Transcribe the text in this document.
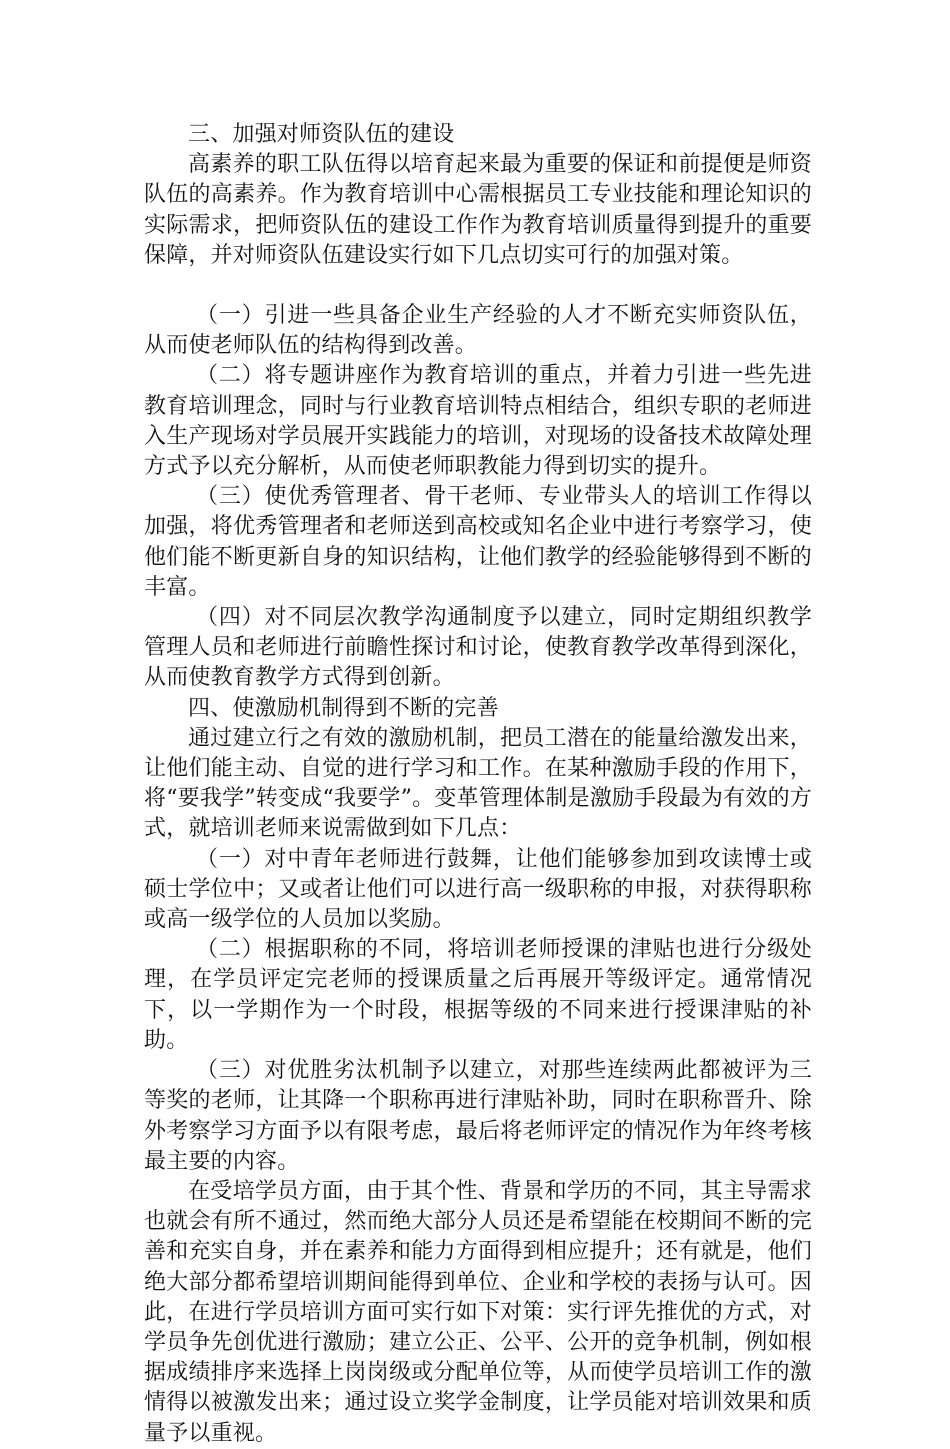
三、加强对师资队伍的建设

高素养的职工队伍得以培育起来最为重要的保证和前提便是师资队伍的高素养。作为教育培训中心需根据员工专业技能和理论知识的实际需求，把师资队伍的建设工作作为教育培训质量得到提升的重要保障，并对师资队伍建设实行如下几点切实可行的加强对策。

（一）引进一些具备企业生产经验的人才不断充实师资队伍，从而使老师队伍的结构得到改善。

（二）将专题讲座作为教育培训的重点，并着力引进一些先进教育培训理念，同时与行业教育培训特点相结合，组织专职的老师进入生产现场对学员展开实践能力的培训，对现场的设备技术故障处理方式予以充分解析，从而使老师职教能力得到切实的提升。

（三）使优秀管理者、骨干老师、专业带头人的培训工作得以加强，将优秀管理者和老师送到高校或知名企业中进行考察学习，使他们能不断更新自身的知识结构，让他们教学的经验能够得到不断的丰富。

（四）对不同层次教学沟通制度予以建立，同时定期组织教学管理人员和老师进行前瞻性探讨和讨论，使教育教学改革得到深化，从而使教育教学方式得到创新。

四、使激励机制得到不断的完善

通过建立行之有效的激励机制，把员工潜在的能量给激发出来，让他们能主动、自觉的进行学习和工作。在某种激励手段的作用下，将“要我学”转变成“我要学”。变革管理体制是激励手段最为有效的方式，就培训老师来说需做到如下几点：

（一）对中青年老师进行鼓舞，让他们能够参加到攻读博士或硕士学位中；又或者让他们可以进行高一级职称的申报，对获得职称或高一级学位的人员加以奖励。

（二）根据职称的不同，将培训老师授课的津贴也进行分级处理，在学员评定完老师的授课质量之后再展开等级评定。通常情况下，以一学期作为一个时段，根据等级的不同来进行授课津贴的补助。

（三）对优胜劣汰机制予以建立，对那些连续两此都被评为三等奖的老师，让其降一个职称再进行津贴补助，同时在职称晋升、除外考察学习方面予以有限考虑，最后将老师评定的情况作为年终考核最主要的内容。

在受培学员方面，由于其个性、背景和学历的不同，其主导需求也就会有所不通过，然而绝大部分人员还是希望能在校期间不断的完善和充实自身，并在素养和能力方面得到相应提升；还有就是，他们绝大部分都希望培训期间能得到单位、企业和学校的表扬与认可。因此，在进行学员培训方面可实行如下对策：实行评先推优的方式，对学员争先创优进行激励；建立公正、公平、公开的竞争机制，例如根据成绩排序来选择上岗岗级或分配单位等，从而使学员培训工作的激情得以被激发出来；通过设立奖学金制度，让学员能对培训效果和质量予以重视。
